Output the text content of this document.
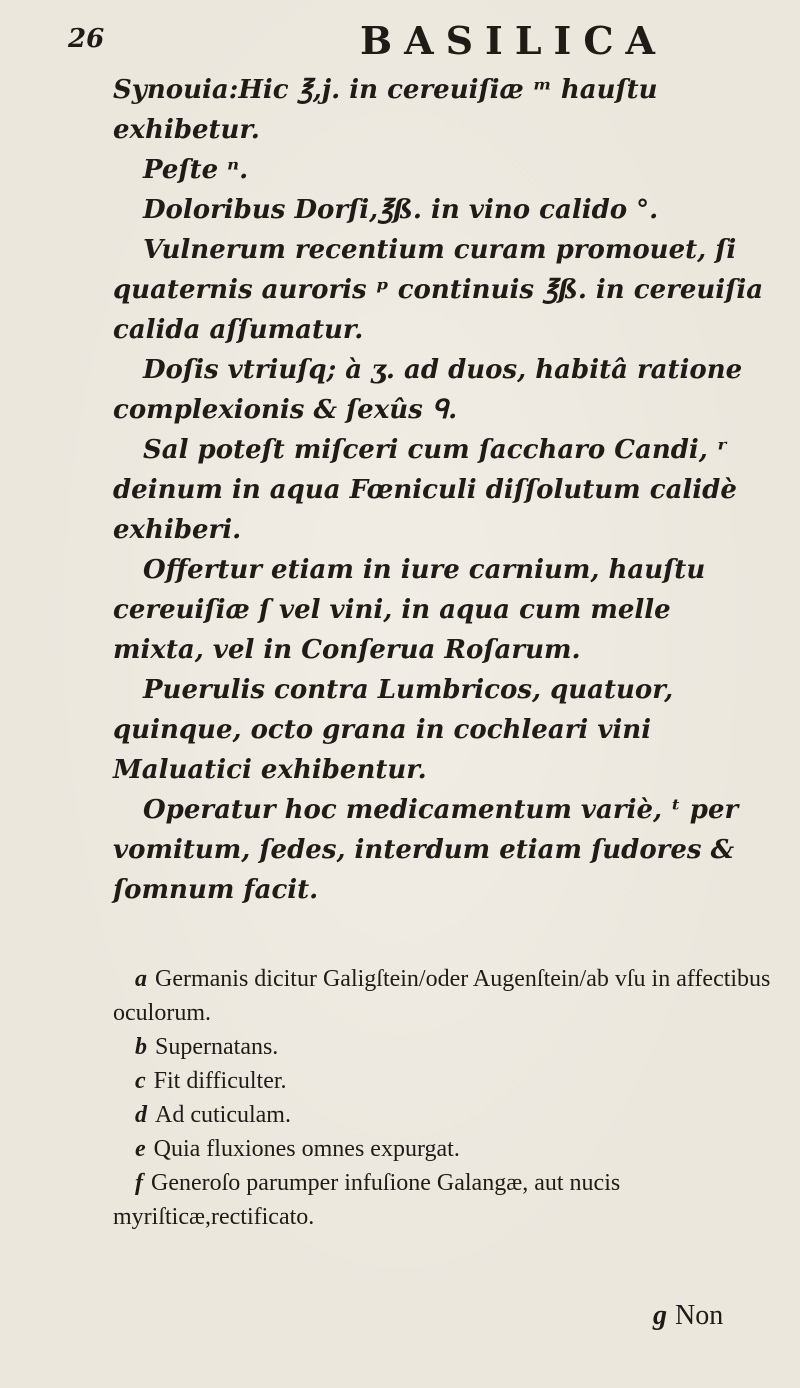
26	BASILICA

Synouia:Hic ℥,j. in cereuiſiæ ᵐ hauſtu exhibetur.

Peſte ⁿ.

Doloribus Dorſi,℥ß. in vino calido °.

Vulnerum recentium curam promouet, ſi quaternis auroris ᵖ continuis ℥ß. in cereuiſia calida aſſumatur.

Doſis vtriuſq; à ʒ. ad duos, habitâ ratione complexionis & ſexûs ᑫ.

Sal poteſt miſceri cum ſaccharo Candi, ʳ deinum in aqua Fœniculi diſſolutum calidè exhiberi.

Offertur etiam in iure carnium, hauſtu cereuiſiæ ſ vel vini, in aqua cum melle mixta, vel in Conſerua Roſarum.

Puerulis contra Lumbricos, quatuor, quinque, octo grana in cochleari vini Maluatici exhibentur.

Operatur hoc medicamentum variè, ᵗ per vomitum, ſedes, interdum etiam ſudores & ſomnum facit.

a Germanis dicitur Galigſtein/oder Augenſtein/ab vſu in affectibus oculorum.

b Supernatans.

c Fit difficulter.

d Ad cuticulam.

e Quia fluxiones omnes expurgat.

f Generoſo parumper infuſione Galangæ, aut nucis myriſticæ,rectificato.

g Non
